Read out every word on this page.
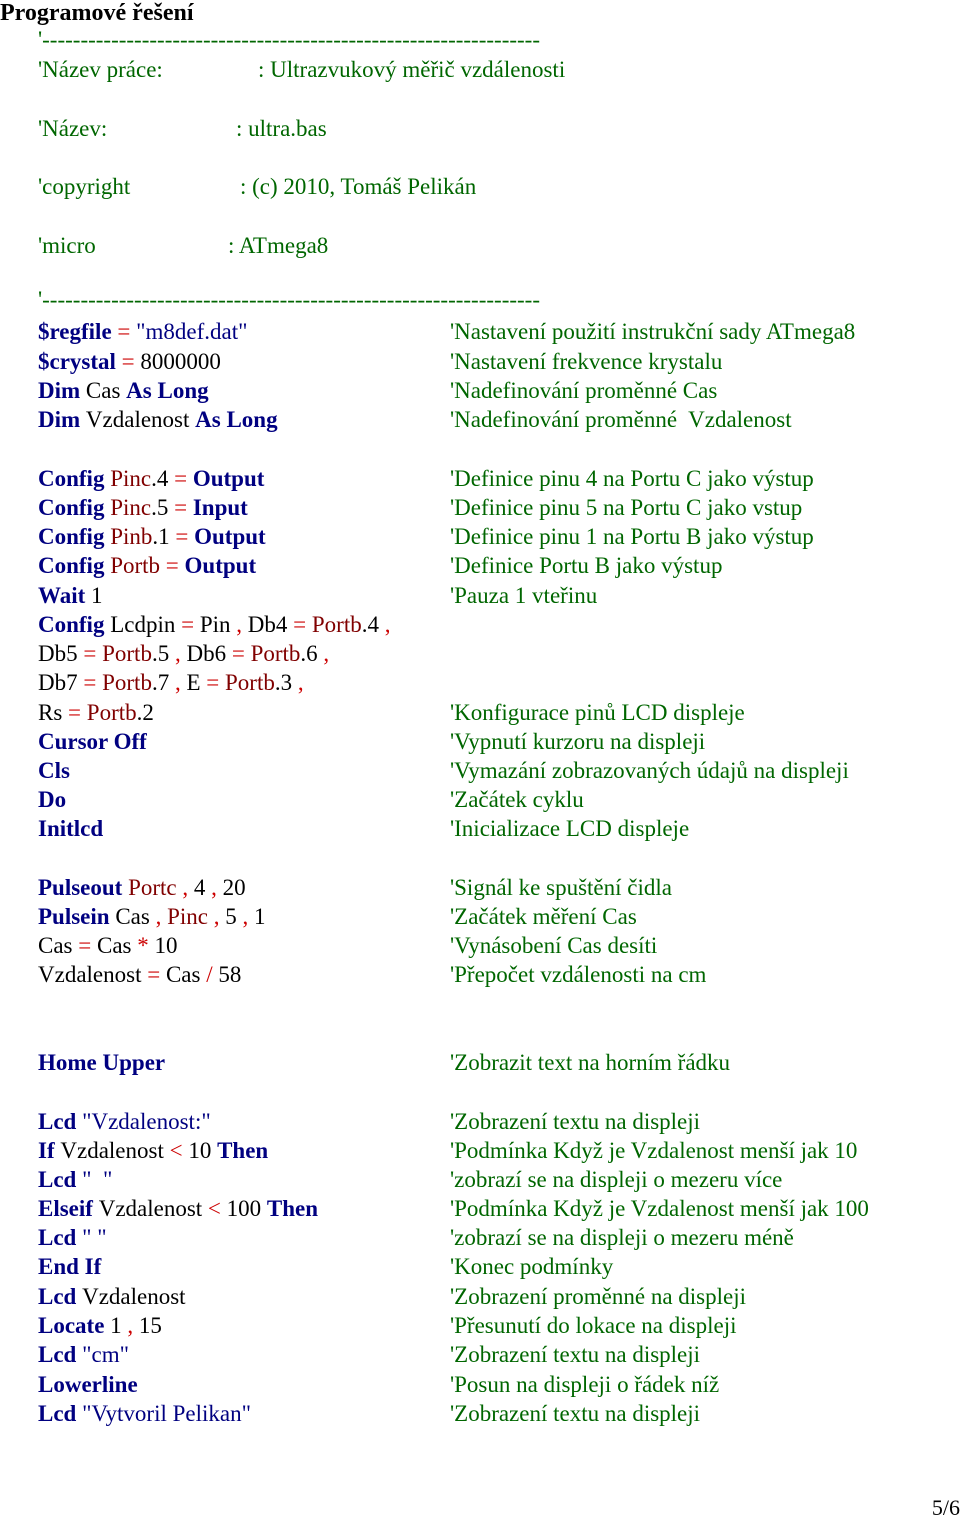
Programové řešení
'-----------------------------------------------------------------
'-----------------------------------------------------------------
'Název práce:	: Ultrazvukový měřič vzdálenosti
'Název:	: ultra.bas
'copyright	: (c) 2010, Tomáš Pelikán
'micro	: ATmega8
$regfile = "m8def.dat"	'Nastavení použití instrukční sady ATmega8
$crystal = 8000000	'Nastavení frekvence krystalu
Dim Cas As Long	'Nadefinování proměnné Cas
Dim Vzdalenost As Long	'Nadefinování proměnné  Vzdalenost
Config Pinc.4 = Output	'Definice pinu 4 na Portu C jako výstup
Config Pinc.5 = Input	'Definice pinu 5 na Portu C jako vstup
Config Pinb.1 = Output	'Definice pinu 1 na Portu B jako výstup
Config Portb = Output	'Definice Portu B jako výstup
Wait 1	'Pauza 1 vteřinu
Config Lcdpin = Pin , Db4 = Portb.4 ,
Db5 = Portb.5 , Db6 = Portb.6 ,
Db7 = Portb.7 , E = Portb.3 ,
Rs = Portb.2	'Konfigurace pinů LCD displeje
Cursor Off	'Vypnutí kurzoru na displeji
Cls	'Vymazání zobrazovaných údajů na displeji
Do	'Začátek cyklu
Initlcd	'Inicializace LCD displeje
Pulseout Portc , 4 , 20	'Signál ke spuštění čidla
Pulsein Cas , Pinc , 5 , 1	'Začátek měření Cas
Cas = Cas * 10	'Vynásobení Cas desíti
Vzdalenost = Cas / 58	'Přepočet vzdálenosti na cm
Home Upper	'Zobrazit text na horním řádku
Lcd "Vzdalenost:"	'Zobrazení textu na displeji
If Vzdalenost < 10 Then	'Podmínka Když je Vzdalenost menší jak 10
Lcd "  "	'zobrazí se na displeji o mezeru více
Elseif Vzdalenost < 100 Then	'Podmínka Když je Vzdalenost menší jak 100
Lcd " "	'zobrazí se na displeji o mezeru méně
End If	'Konec podmínky
Lcd Vzdalenost	'Zobrazení proměnné na displeji
Locate 1 , 15	'Přesunutí do lokace na displeji
Lcd "cm"	'Zobrazení textu na displeji
Lowerline	'Posun na displeji o řádek níž
Lcd "Vytvoril Pelikan"	'Zobrazení textu na displeji
5/6
